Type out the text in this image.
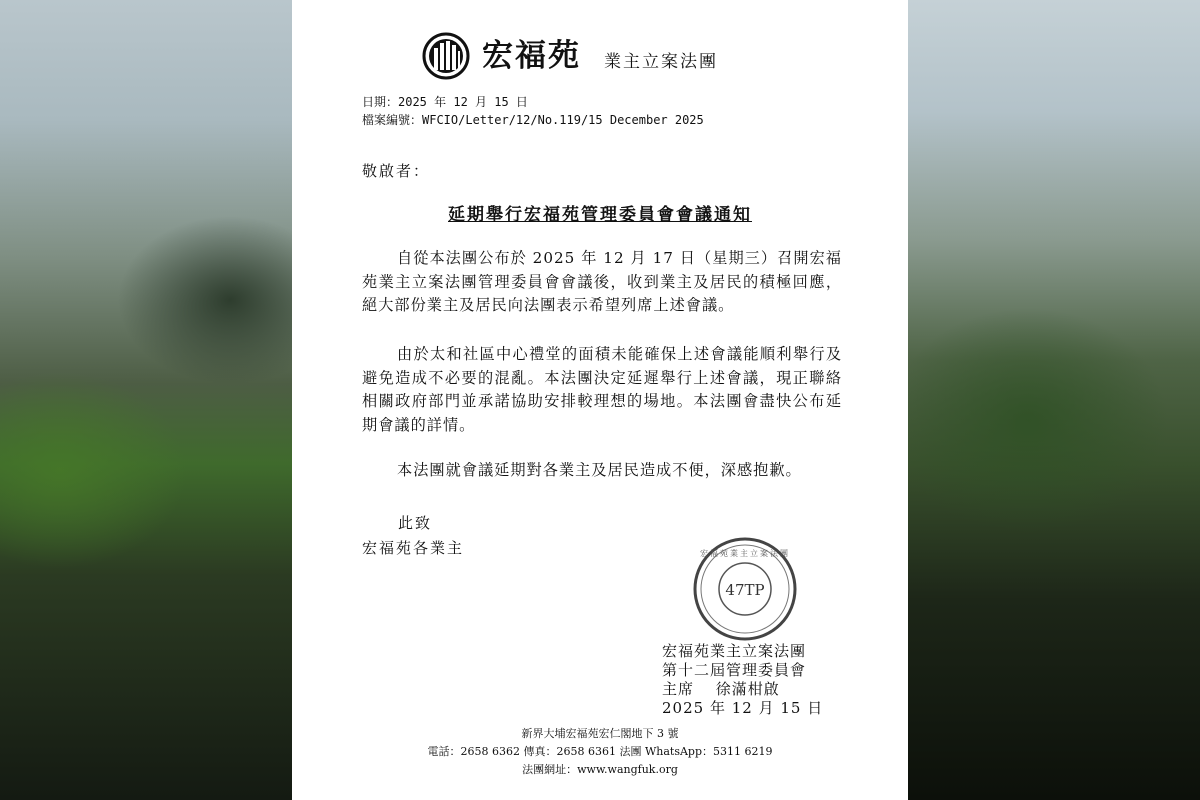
宏福苑 業主立案法團
日期：2025 年 12 月 15 日
檔案編號：WFCIO/Letter/12/No.119/15 December 2025
敬啟者：
延期舉行宏福苑管理委員會會議通知

自從本法團公布於 2025 年 12 月 17 日（星期三）召開宏福苑業主立案法團管理委員會會議後，收到業主及居民的積極回應，絕大部份業主及居民向法團表示希望列席上述會議。

由於太和社區中心禮堂的面積未能確保上述會議能順利舉行及避免造成不必要的混亂。本法團決定延遲舉行上述會議，現正聯絡相關政府部門並承諾協助安排較理想的場地。本法團會盡快公布延期會議的詳情。

本法團就會議延期對各業主及居民造成不便，深感抱歉。

此致
宏福苑各業主
47TP
宏福苑業主立案法團
宏福苑業主立案法團
第十二屆管理委員會
主席　 徐滿柑啟
2025 年 12 月 15 日
新界大埔宏福苑宏仁閣地下 3 號
電話：2658 6362 傳真：2658 6361 法團 WhatsApp：5311 6219
法團網址：www.wangfuk.org
